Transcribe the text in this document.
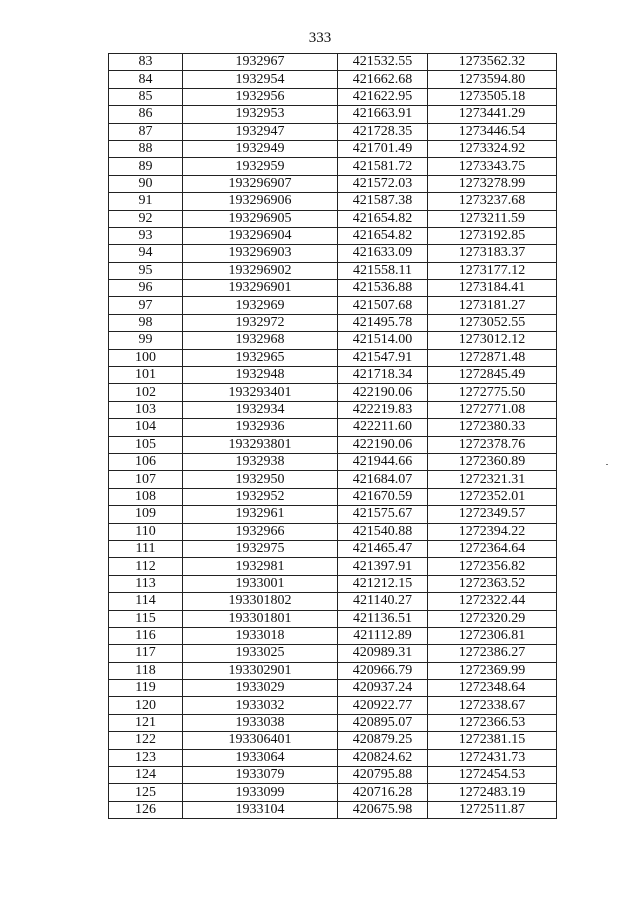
333
83	1932967	421532.55	1273562.32
84	1932954	421662.68	1273594.80
85	1932956	421622.95	1273505.18
86	1932953	421663.91	1273441.29
87	1932947	421728.35	1273446.54
88	1932949	421701.49	1273324.92
89	1932959	421581.72	1273343.75
90	193296907	421572.03	1273278.99
91	193296906	421587.38	1273237.68
92	193296905	421654.82	1273211.59
93	193296904	421654.82	1273192.85
94	193296903	421633.09	1273183.37
95	193296902	421558.11	1273177.12
96	193296901	421536.88	1273184.41
97	1932969	421507.68	1273181.27
98	1932972	421495.78	1273052.55
99	1932968	421514.00	1273012.12
100	1932965	421547.91	1272871.48
101	1932948	421718.34	1272845.49
102	193293401	422190.06	1272775.50
103	1932934	422219.83	1272771.08
104	1932936	422211.60	1272380.33
105	193293801	422190.06	1272378.76
106	1932938	421944.66	1272360.89
107	1932950	421684.07	1272321.31
108	1932952	421670.59	1272352.01
109	1932961	421575.67	1272349.57
110	1932966	421540.88	1272394.22
111	1932975	421465.47	1272364.64
112	1932981	421397.91	1272356.82
113	1933001	421212.15	1272363.52
114	193301802	421140.27	1272322.44
115	193301801	421136.51	1272320.29
116	1933018	421112.89	1272306.81
117	1933025	420989.31	1272386.27
118	193302901	420966.79	1272369.99
119	1933029	420937.24	1272348.64
120	1933032	420922.77	1272338.67
121	1933038	420895.07	1272366.53
122	193306401	420879.25	1272381.15
123	1933064	420824.62	1272431.73
124	1933079	420795.88	1272454.53
125	1933099	420716.28	1272483.19
126	1933104	420675.98	1272511.87
